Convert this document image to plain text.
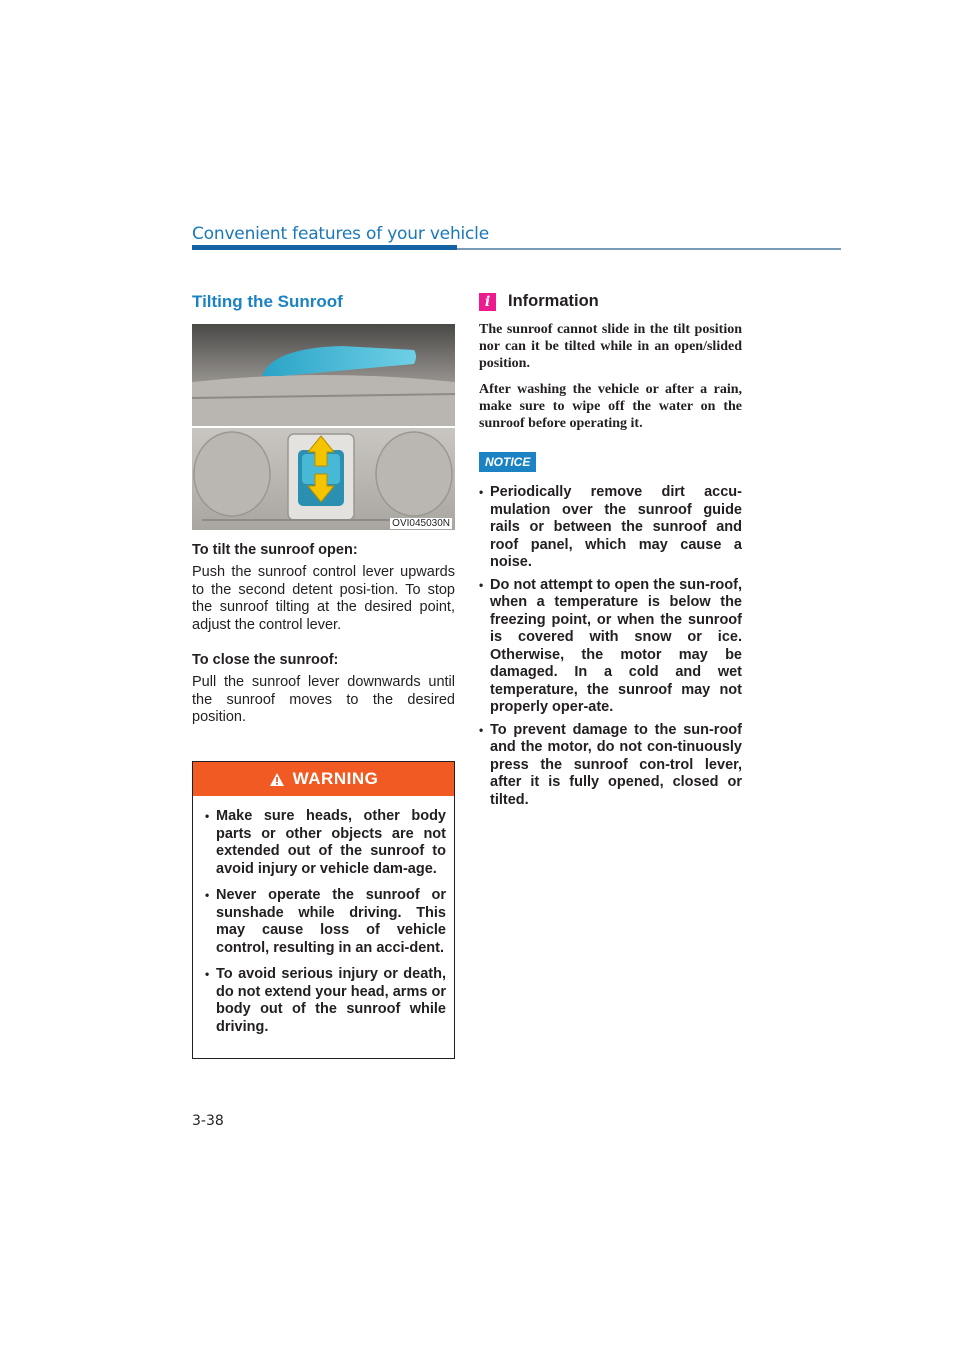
Convenient features of your vehicle
Tilting the Sunroof
OVI045030N
To tilt the sunroof open:

Push the sunroof control lever upwards to the second detent posi-tion. To stop the sunroof tilting at the desired point, adjust the control lever.

To close the sunroof:

Pull the sunroof lever downwards until the sunroof moves to the desired position.

WARNING
• Make sure heads, other body parts or other objects are not extended out of the sunroof to avoid injury or vehicle dam-age.
• Never operate the sunroof or sunshade while driving. This may cause loss of vehicle control, resulting in an acci-dent.
• To avoid serious injury or death, do not extend your head, arms or body out of the sunroof while driving.
i	Information

The sunroof cannot slide in the tilt position nor can it be tilted while in an open/slided position.

After washing the vehicle or after a rain, make sure to wipe off the water on the sunroof before operating it.

NOTICE
• Periodically remove dirt accu-mulation over the sunroof guide rails or between the sunroof and roof panel, which may cause a noise.
• Do not attempt to open the sun-roof, when a temperature is below the freezing point, or when the sunroof is covered with snow or ice. Otherwise, the motor may be damaged. In a cold and wet temperature, the sunroof may not properly oper-ate.
• To prevent damage to the sun-roof and the motor, do not con-tinuously press the sunroof con-trol lever, after it is fully opened, closed or tilted.
3-38
